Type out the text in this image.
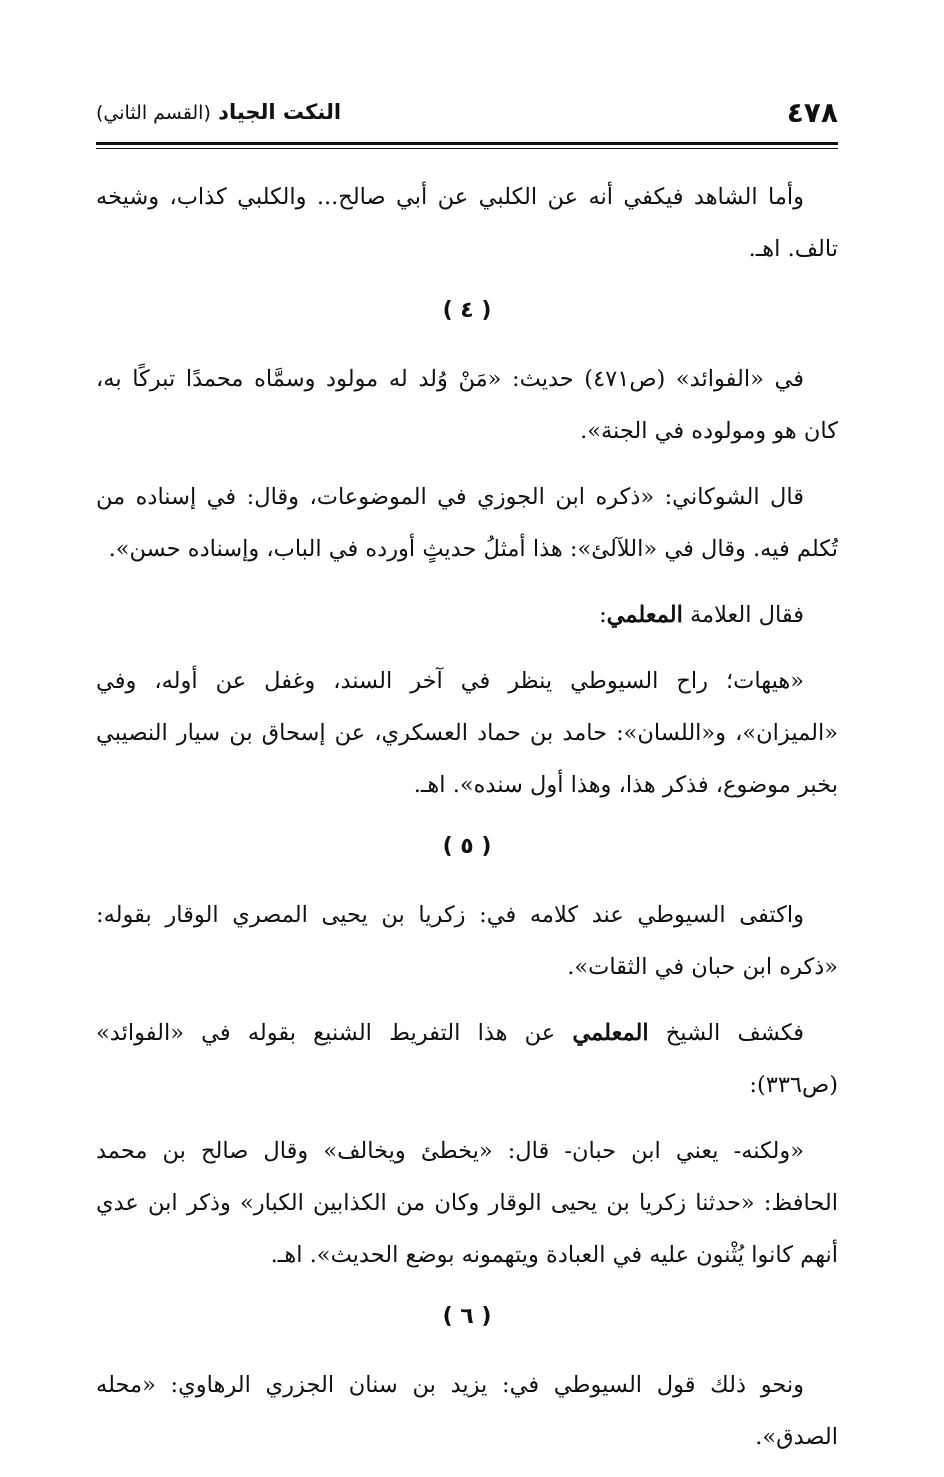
٤٧٨
النكت الجياد (القسم الثاني)

وأما الشاهد فيكفي أنه عن الكلبي عن أبي صالح... والكلبي كذاب، وشيخه تالف. اهـ.

( ٤ )

في «الفوائد» (ص٤٧١) حديث: «مَنْ وُلد له مولود وسمَّاه محمدًا تبركًا به، كان هو ومولوده في الجنة».

قال الشوكاني: «ذكره ابن الجوزي في الموضوعات، وقال: في إسناده من تُكلم فيه. وقال في «اللآلئ»: هذا أمثلُ حديثٍ أورده في الباب، وإسناده حسن».

فقال العلامة المعلمي:

«هيهات؛ راح السيوطي ينظر في آخر السند، وغفل عن أوله، وفي «الميزان»، و«اللسان»: حامد بن حماد العسكري، عن إسحاق بن سيار النصيبي بخبر موضوع، فذكر هذا، وهذا أول سنده». اهـ.

( ٥ )

واكتفى السيوطي عند كلامه في: زكريا بن يحيى المصري الوقار بقوله: «ذكره ابن حبان في الثقات».

فكشف الشيخ المعلمي عن هذا التفريط الشنيع بقوله في «الفوائد» (ص٣٣٦):

«ولكنه- يعني ابن حبان- قال: «يخطئ ويخالف» وقال صالح بن محمد الحافظ: «حدثنا زكريا بن يحيى الوقار وكان من الكذابين الكبار» وذكر ابن عدي أنهم كانوا يُثْنون عليه في العبادة ويتهمونه بوضع الحديث». اهـ.

( ٦ )

ونحو ذلك قول السيوطي في: يزيد بن سنان الجزري الرهاوي: «محله الصدق».
